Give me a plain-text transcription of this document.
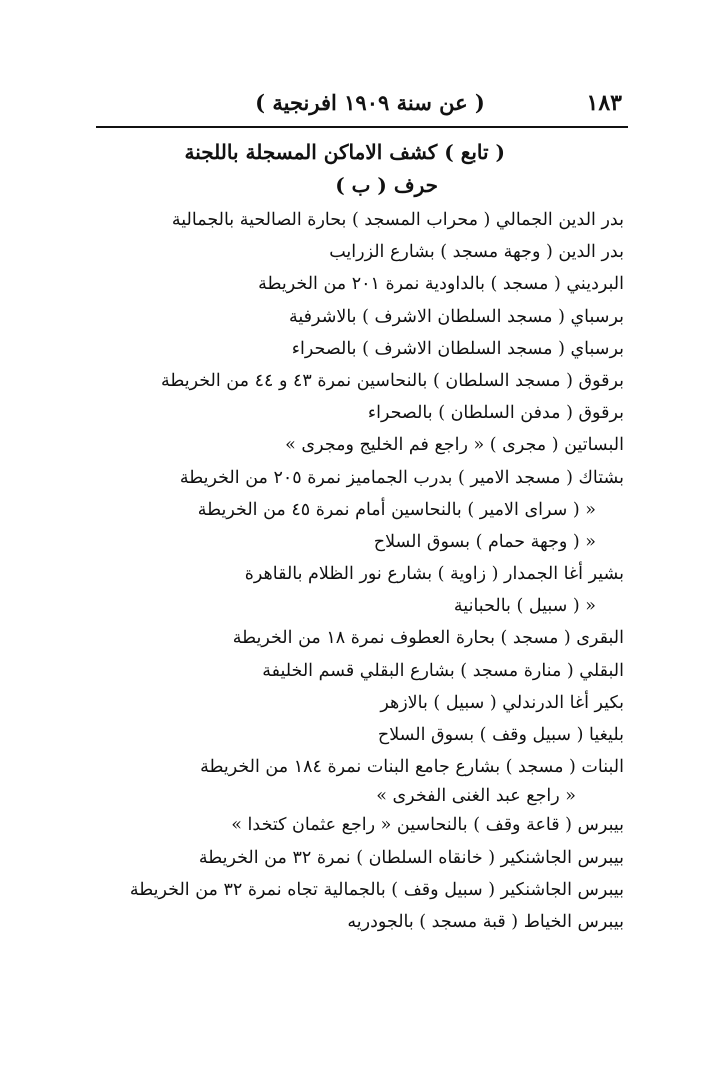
١٨٣
( عن سنة ١٩٠٩ افرنجية )
( تابع ) كشف الاماكن المسجلة باللجنة
حرف ( ب )
بدر الدين الجمالي ( محراب المسجد ) بحارة الصالحية بالجمالية
بدر الدين ( وجهة مسجد ) بشارع الزرايب
البرديني ( مسجد ) بالداودية نمرة ٢٠١ من الخريطة
برسباي ( مسجد السلطان الاشرف ) بالاشرفية
برسباي ( مسجد السلطان الاشرف ) بالصحراء
برقوق ( مسجد السلطان ) بالنحاسين نمرة ٤٣ و ٤٤ من الخريطة
برقوق ( مدفن السلطان ) بالصحراء
البساتين ( مجرى ) « راجع فم الخليج ومجرى »
بشتاك ( مسجد الامير ) بدرب الجماميز نمرة ٢٠٥ من الخريطة
« ( سراى الامير ) بالنحاسين أمام نمرة ٤٥ من الخريطة
« ( وجهة حمام ) بسوق السلاح
بشير أغا الجمدار ( زاوية ) بشارع نور الظلام بالقاهرة
« ( سبيل ) بالحبانية
البقرى ( مسجد ) بحارة العطوف نمرة ١٨ من الخريطة
البقلي ( منارة مسجد ) بشارع البقلي قسم الخليفة
بكير أغا الدرندلي ( سبيل ) بالازهر
بليغيا ( سبيل وقف ) بسوق السلاح
البنات ( مسجد ) بشارع جامع البنات نمرة ١٨٤ من الخريطة
« راجع عبد الغنى الفخرى »
بيبرس ( قاعة وقف ) بالنحاسين « راجع عثمان كتخدا »
بيبرس الجاشنكير ( خانقاه السلطان ) نمرة ٣٢ من الخريطة
بيبرس الجاشنكير ( سبيل وقف ) بالجمالية تجاه نمرة ٣٢ من الخريطة
بيبرس الخياط ( قبة مسجد ) بالجودريه
